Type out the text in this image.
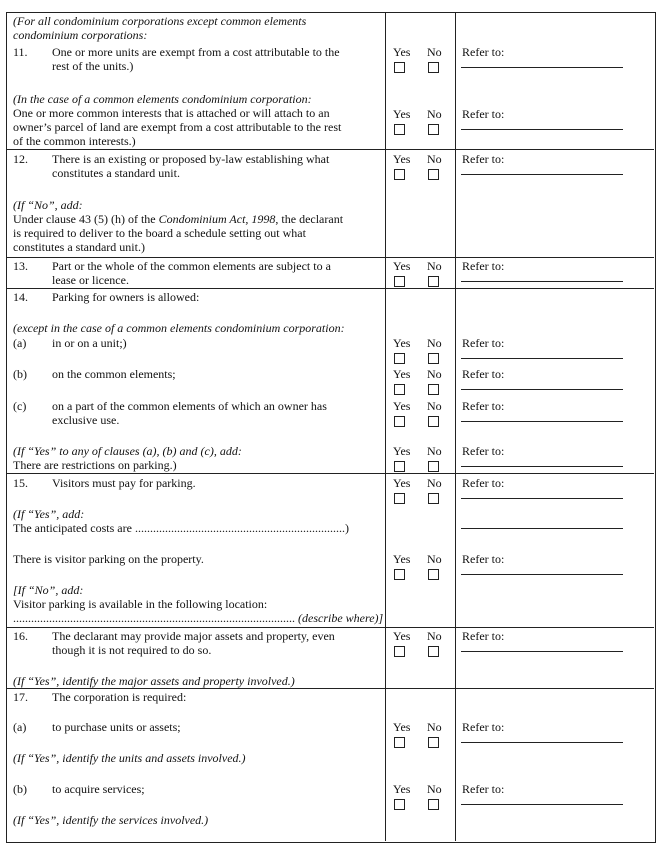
(For all condominium corporations except common elements
condominium corporations:
11. One or more units are exempt from a cost attributable to the
rest of the units.)
(In the case of a common elements condominium corporation:
One or more common interests that is attached or will attach to an
owner’s parcel of land are exempt from a cost attributable to the rest
of the common interests.)
12. There is an existing or proposed by-law establishing what
constitutes a standard unit.
(If “No”, add:
Under clause 43 (5) (h) of the Condominium Act, 1998, the declarant
is required to deliver to the board a schedule setting out what
constitutes a standard unit.)
13. Part or the whole of the common elements are subject to a
lease or licence.
14. Parking for owners is allowed:
(except in the case of a common elements condominium corporation:
(a) in or on a unit;)
(b) on the common elements;
(c) on a part of the common elements of which an owner has
exclusive use.
(If “Yes” to any of clauses (a), (b) and (c), add:
There are restrictions on parking.)
15. Visitors must pay for parking.
(If “Yes”, add:
The anticipated costs are ......................................................................)
There is visitor parking on the property.
[If “No”, add:
Visitor parking is available in the following location:
.............................................................................................. (describe where)]
16. The declarant may provide major assets and property, even
though it is not required to do so.
(If “Yes”, identify the major assets and property involved.)
17. The corporation is required:
(a) to purchase units or assets;
(If “Yes”, identify the units and assets involved.)
(b) to acquire services;
(If “Yes”, identify the services involved.)
Yes No Refer to:
Yes No Refer to:
Yes No Refer to:
Yes No Refer to:
Yes No Refer to:
Yes No Refer to:
Yes No Refer to:
Yes No Refer to:
Yes No Refer to:
Yes No Refer to:
Yes No Refer to:
Yes No Refer to:
Yes No Refer to:
